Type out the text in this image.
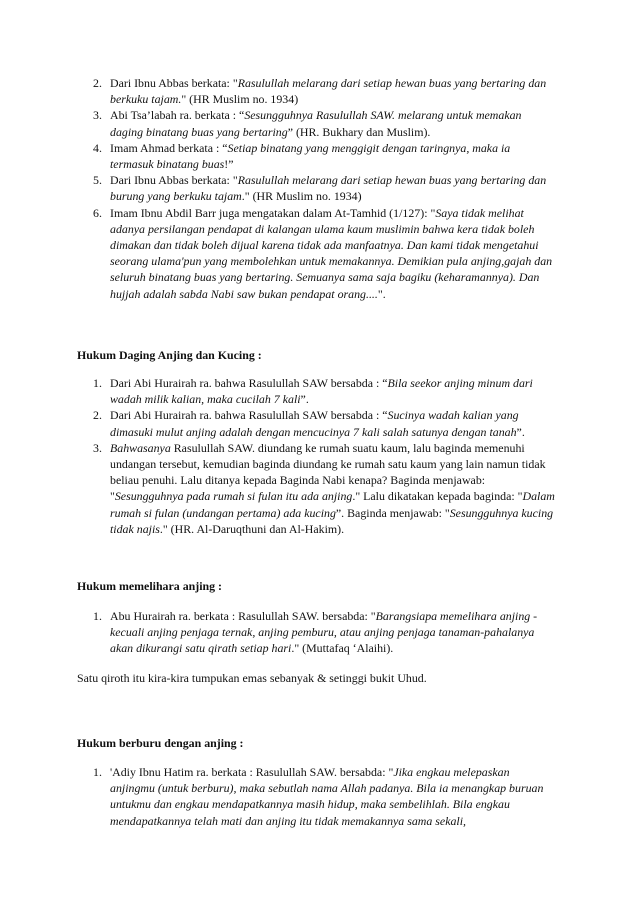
2. Dari Ibnu Abbas berkata: "Rasulullah melarang dari setiap hewan buas yang bertaring dan berkuku tajam." (HR Muslim no. 1934)
3. Abi Tsa’labah ra. berkata : “Sesungguhnya Rasulullah SAW. melarang untuk memakan daging binatang buas yang bertaring” (HR. Bukhary dan Muslim).
4. Imam Ahmad berkata : “Setiap binatang yang menggigit dengan taringnya, maka ia termasuk binatang buas!”
5. Dari Ibnu Abbas berkata: "Rasulullah melarang dari setiap hewan buas yang bertaring dan burung yang berkuku tajam." (HR Muslim no. 1934)
6. Imam Ibnu Abdil Barr juga mengatakan dalam At-Tamhid (1/127): "Saya tidak melihat adanya persilangan pendapat di kalangan ulama kaum muslimin bahwa kera tidak boleh dimakan dan tidak boleh dijual karena tidak ada manfaatnya. Dan kami tidak mengetahui seorang ulama'pun yang membolehkan untuk memakannya. Demikian pula anjing,gajah dan seluruh binatang buas yang bertaring. Semuanya sama saja bagiku (keharamannya). Dan hujjah adalah sabda Nabi saw bukan pendapat orang....".
Hukum Daging Anjing dan Kucing :
1. Dari Abi Hurairah ra. bahwa Rasulullah SAW bersabda : “Bila seekor anjing minum dari wadah milik kalian, maka cucilah 7 kali”.
2. Dari Abi Hurairah ra. bahwa Rasulullah SAW bersabda : “Sucinya wadah kalian yang dimasuki mulut anjing adalah dengan mencucinya 7 kali salah satunya dengan tanah”.
3. Bahwasanya Rasulullah SAW. diundang ke rumah suatu kaum, lalu baginda memenuhi undangan tersebut, kemudian baginda diundang ke rumah satu kaum yang lain namun tidak beliau penuhi. Lalu ditanya kepada Baginda Nabi kenapa? Baginda menjawab: "Sesungguhnya pada rumah si fulan itu ada anjing." Lalu dikatakan kepada baginda: "Dalam rumah si fulan (undangan pertama) ada kucing”. Baginda menjawab: "Sesungguhnya kucing tidak najis." (HR. Al-Daruqthuni dan Al-Hakim).
Hukum memelihara anjing :
1. Abu Hurairah ra. berkata : Rasulullah SAW. bersabda: "Barangsiapa memelihara anjing -kecuali anjing penjaga ternak, anjing pemburu, atau anjing penjaga tanaman-pahalanya akan dikurangi satu qirath setiap hari." (Muttafaq ‘Alaihi).
Satu qiroth itu kira-kira tumpukan emas sebanyak & setinggi bukit Uhud.
Hukum berburu dengan anjing :
1. 'Adiy Ibnu Hatim ra. berkata : Rasulullah SAW. bersabda: "Jika engkau melepaskan anjingmu (untuk berburu), maka sebutlah nama Allah padanya. Bila ia menangkap buruan untukmu dan engkau mendapatkannya masih hidup, maka sembelihlah. Bila engkau mendapatkannya telah mati dan anjing itu tidak memakannya sama sekali,
